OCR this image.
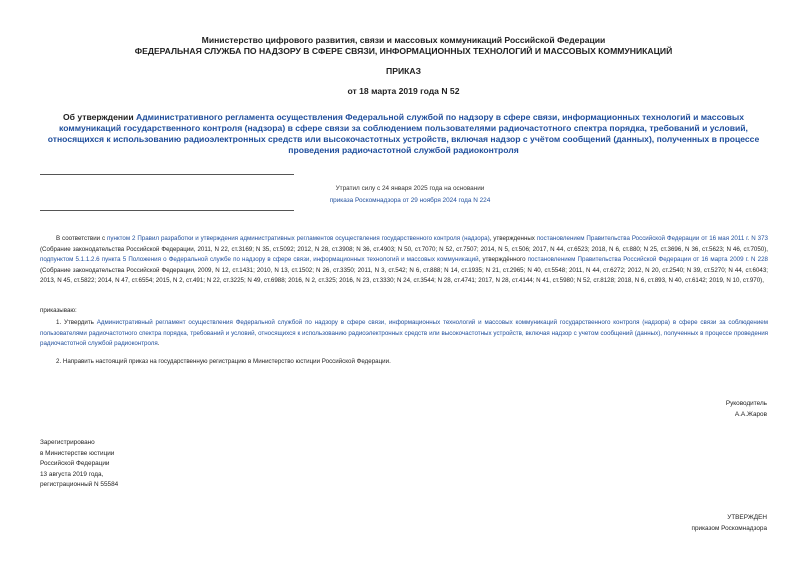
Министерство цифрового развития, связи и массовых коммуникаций Российской Федерации
ФЕДЕРАЛЬНАЯ СЛУЖБА ПО НАДЗОРУ В СФЕРЕ СВЯЗИ, ИНФОРМАЦИОННЫХ ТЕХНОЛОГИЙ И МАССОВЫХ КОММУНИКАЦИЙ
ПРИКАЗ
от 18 марта 2019 года N 52
Об утверждении Административного регламента осуществления Федеральной службой по надзору в сфере связи, информационных технологий и массовых коммуникаций государственного контроля (надзора) в сфере связи за соблюдением пользователями радиочастотного спектра порядка, требований и условий, относящихся к использованию радиоэлектронных средств или высокочастотных устройств, включая надзор с учётом сообщений (данных), полученных в процессе проведения радиочастотной службой радиоконтроля
Утратил силу с 24 января 2025 года на основании
приказа Роскомнадзора от 29 ноября 2024 года N 224
В соответствии с пунктом 2 Правил разработки и утверждения административных регламентов осуществления государственного контроля (надзора), утвержденных постановлением Правительства Российской Федерации от 16 мая 2011 г. N 373 (Собрание законодательства Российской Федерации, 2011, N 22, ст.3169; N 35, ст.5092; 2012, N 28, ст.3908; N 36, ст.4903; N 50, ст.7070; N 52, ст.7507; 2014, N 5, ст.506; 2017, N 44, ст.6523; 2018, N 6, ст.880; N 25, ст.3696, N 36, ст.5623; N 46, ст.7050), подпунктом 5.1.1.2.6 пункта 5 Положения о Федеральной службе по надзору в сфере связи, информационных технологий и массовых коммуникаций, утверждённого постановлением Правительства Российской Федерации от 16 марта 2009 г. N 228 (Собрание законодательства Российской Федерации, 2009, N 12, ст.1431; 2010, N 13, ст.1502; N 26, ст.3350; 2011, N 3, ст.542; N 6, ст.888; N 14, ст.1935; N 21, ст.2965; N 40, ст.5548; 2011, N 44, ст.6272; 2012, N 20, ст.2540; N 39, ст.5270; N 44, ст.6043; 2013, N 45, ст.5822; 2014, N 47, ст.6554; 2015, N 2, ст.491; N 22, ст.3225; N 49, ст.6988; 2016, N 2, ст.325; 2016, N 23, ст.3330; N 24, ст.3544; N 28, ст.4741; 2017, N 28, ст.4144; N 41, ст.5980; N 52, ст.8128; 2018, N 6, ст.893, N 40, ст.6142; 2019, N 10, ст.970),
приказываю:
1. Утвердить Административный регламент осуществления Федеральной службой по надзору в сфере связи, информационных технологий и массовых коммуникаций государственного контроля (надзора) в сфере связи за соблюдением пользователями радиочастотного спектра порядка, требований и условий, относящихся к использованию радиоэлектронных средств или высокочастотных устройств, включая надзор с учетом сообщений (данных), полученных в процессе проведения радиочастотной службой радиоконтроля.
2. Направить настоящий приказ на государственную регистрацию в Министерство юстиции Российской Федерации.
Руководитель
А.А.Жаров
Зарегистрировано
в Министерстве юстиции
Российской Федерации
13 августа 2019 года,
регистрационный N 55584
УТВЕРЖДЕН
приказом Роскомнадзора
